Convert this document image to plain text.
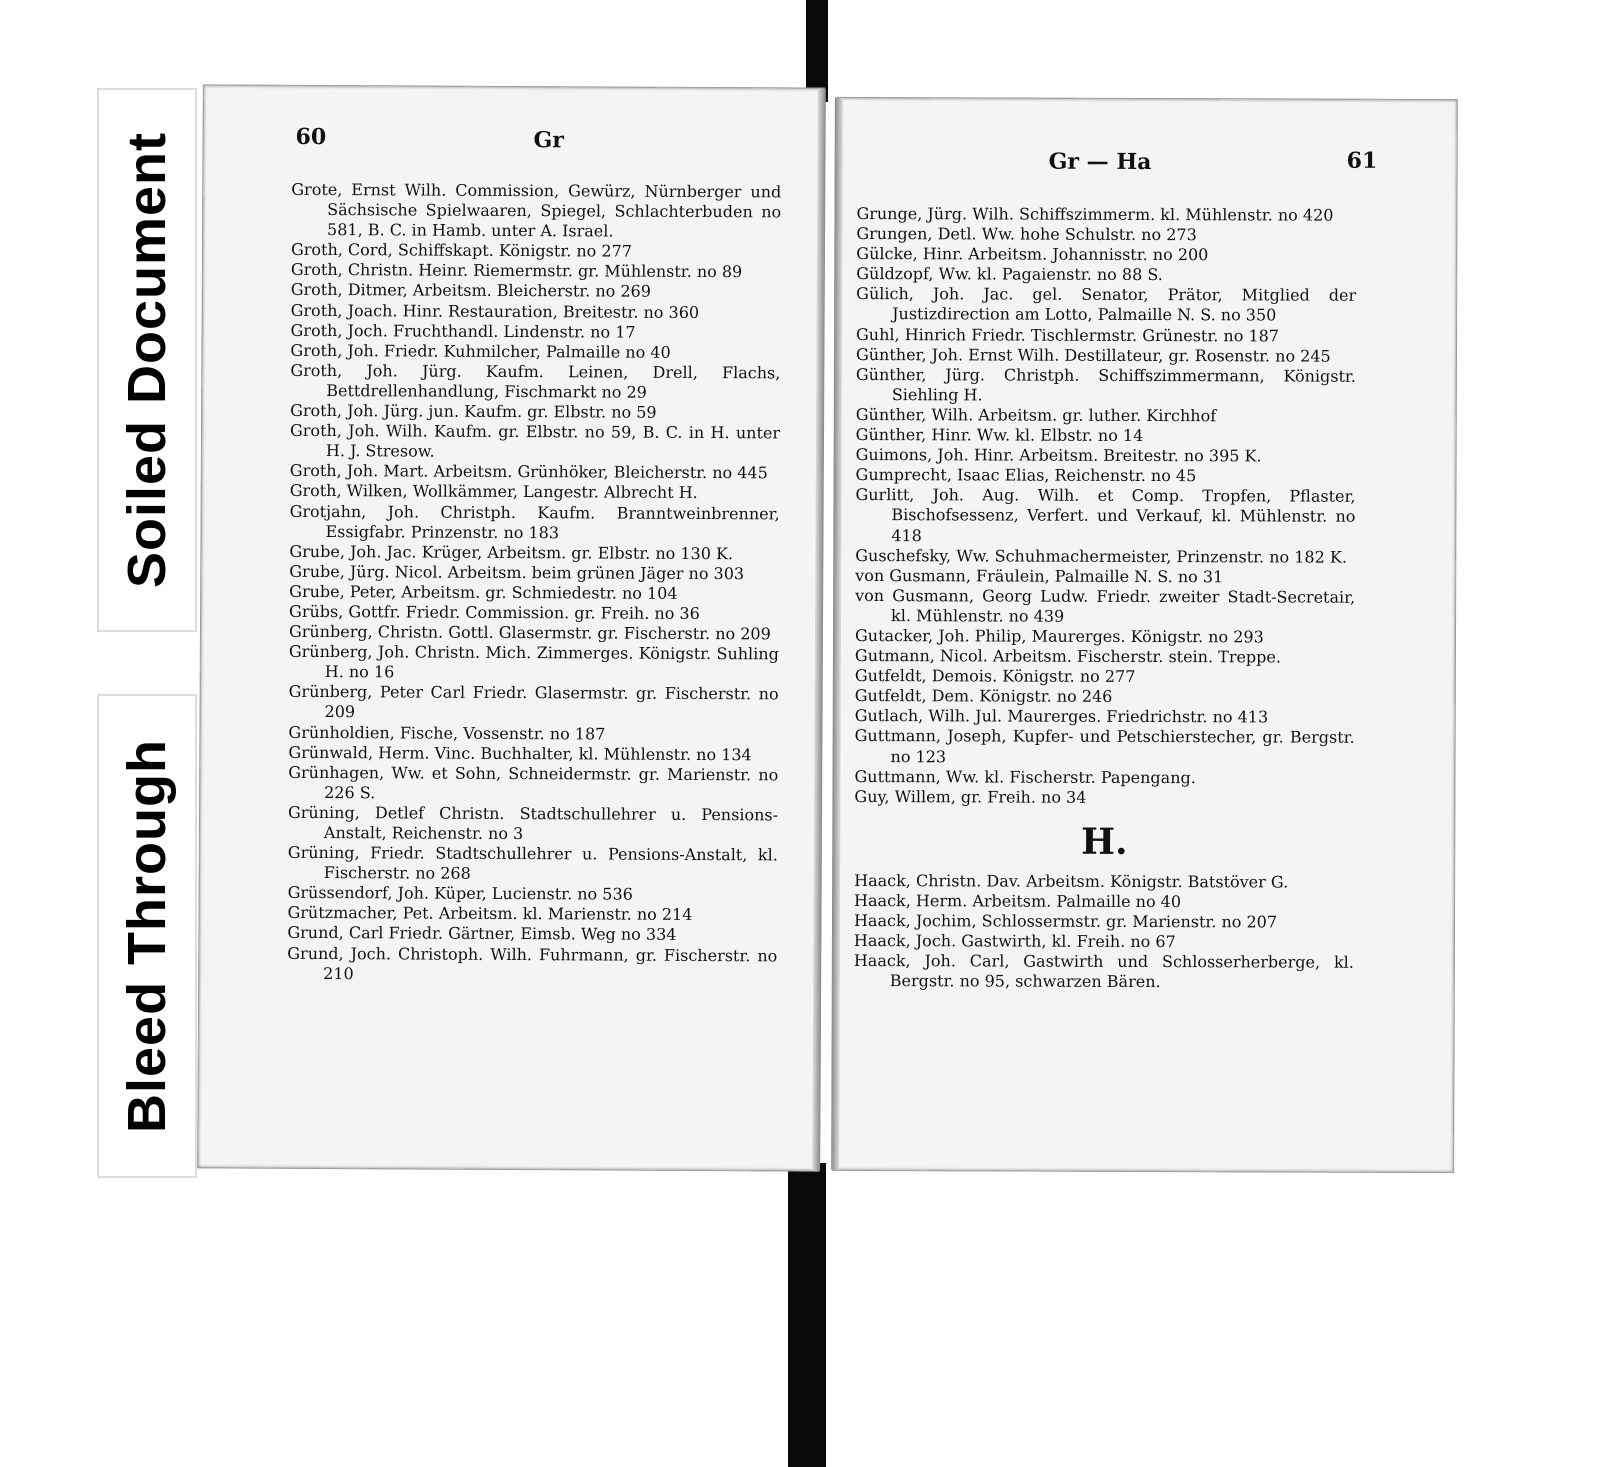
Soiled Document
Bleed Through
60	Gr
Grote, Ernst Wilh. Commission, Gewürz, Nürnberger und Sächsische Spielwaaren, Spiegel, Schlachterbuden no 581, B. C. in Hamb. unter A. Israel.
Groth, Cord, Schiffskapt. Königstr. no 277
Groth, Christn. Heinr. Riemermstr. gr. Mühlenstr. no 89
Groth, Ditmer, Arbeitsm. Bleicherstr. no 269
Groth, Joach. Hinr. Restauration, Breitestr. no 360
Groth, Joch. Fruchthandl. Lindenstr. no 17
Groth, Joh. Friedr. Kuhmilcher, Palmaille no 40
Groth, Joh. Jürg. Kaufm. Leinen, Drell, Flachs, Bettdrellenhandlung, Fischmarkt no 29
Groth, Joh. Jürg. jun. Kaufm. gr. Elbstr. no 59
Groth, Joh. Wilh. Kaufm. gr. Elbstr. no 59, B. C. in H. unter H. J. Stresow.
Groth, Joh. Mart. Arbeitsm. Grünhöker, Bleicherstr. no 445
Groth, Wilken, Wollkämmer, Langestr. Albrecht H.
Grotjahn, Joh. Christph. Kaufm. Branntweinbrenner, Essigfabr. Prinzenstr. no 183
Grube, Joh. Jac. Krüger, Arbeitsm. gr. Elbstr. no 130 K.
Grube, Jürg. Nicol. Arbeitsm. beim grünen Jäger no 303
Grube, Peter, Arbeitsm. gr. Schmiedestr. no 104
Grübs, Gottfr. Friedr. Commission. gr. Freih. no 36
Grünberg, Christn. Gottl. Glasermstr. gr. Fischerstr. no 209
Grünberg, Joh. Christn. Mich. Zimmerges. Königstr. Suhling H. no 16
Grünberg, Peter Carl Friedr. Glasermstr. gr. Fischerstr. no 209
Grünholdien, Fische, Vossenstr. no 187
Grünwald, Herm. Vinc. Buchhalter, kl. Mühlenstr. no 134
Grünhagen, Ww. et Sohn, Schneidermstr. gr. Marienstr. no 226 S.
Grüning, Detlef Christn. Stadtschullehrer u. Pensions-Anstalt, Reichenstr. no 3
Grüning, Friedr. Stadtschullehrer u. Pensions-Anstalt, kl. Fischerstr. no 268
Grüssendorf, Joh. Küper, Lucienstr. no 536
Grützmacher, Pet. Arbeitsm. kl. Marienstr. no 214
Grund, Carl Friedr. Gärtner, Eimsb. Weg no 334
Grund, Joch. Christoph. Wilh. Fuhrmann, gr. Fischerstr. no 210
Gr — Ha	61
Grunge, Jürg. Wilh. Schiffszimmerm. kl. Mühlenstr. no 420
Grungen, Detl. Ww. hohe Schulstr. no 273
Gülcke, Hinr. Arbeitsm. Johannisstr. no 200
Güldzopf, Ww. kl. Pagaienstr. no 88 S.
Gülich, Joh. Jac. gel. Senator, Prätor, Mitglied der Justizdirection am Lotto, Palmaille N. S. no 350
Guhl, Hinrich Friedr. Tischlermstr. Grünestr. no 187
Günther, Joh. Ernst Wilh. Destillateur, gr. Rosenstr. no 245
Günther, Jürg. Christph. Schiffszimmermann, Königstr. Siehling H.
Günther, Wilh. Arbeitsm. gr. luther. Kirchhof
Günther, Hinr. Ww. kl. Elbstr. no 14
Guimons, Joh. Hinr. Arbeitsm. Breitestr. no 395 K.
Gumprecht, Isaac Elias, Reichenstr. no 45
Gurlitt, Joh. Aug. Wilh. et Comp. Tropfen, Pflaster, Bischofsessenz, Verfert. und Verkauf, kl. Mühlenstr. no 418
Guschefsky, Ww. Schuhmachermeister, Prinzenstr. no 182 K.
von Gusmann, Fräulein, Palmaille N. S. no 31
von Gusmann, Georg Ludw. Friedr. zweiter Stadt-Secretair, kl. Mühlenstr. no 439
Gutacker, Joh. Philip, Maurerges. Königstr. no 293
Gutmann, Nicol. Arbeitsm. Fischerstr. stein. Treppe.
Gutfeldt, Demois. Königstr. no 277
Gutfeldt, Dem. Königstr. no 246
Gutlach, Wilh. Jul. Maurerges. Friedrichstr. no 413
Guttmann, Joseph, Kupfer- und Petschierstecher, gr. Bergstr. no 123
Guttmann, Ww. kl. Fischerstr. Papengang.
Guy, Willem, gr. Freih. no 34
H.
Haack, Christn. Dav. Arbeitsm. Königstr. Batstöver G.
Haack, Herm. Arbeitsm. Palmaille no 40
Haack, Jochim, Schlossermstr. gr. Marienstr. no 207
Haack, Joch. Gastwirth, kl. Freih. no 67
Haack, Joh. Carl, Gastwirth und Schlosserherberge, kl. Bergstr. no 95, schwarzen Bären.
